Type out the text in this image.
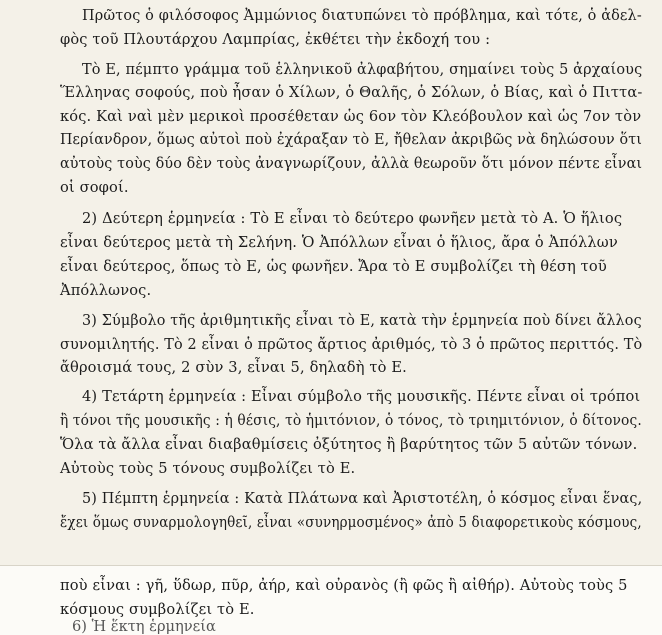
Πρῶτος ὁ φιλόσοφος Ἀμμώνιος διατυπώνει τὸ πρόβλημα, καὶ τότε, ὁ ἀδελ-
φὸς τοῦ Πλουτάρχου Λαμπρίας, ἐκθέτει τὴν ἐκδοχή του :
Τὸ Ε, πέμπτο γράμμα τοῦ ἑλληνικοῦ ἀλφαβήτου, σημαίνει τοὺς 5 ἀρχαίους
Ἕλληνας σοφούς, ποὺ ἦσαν ὁ Χίλων, ὁ Θαλῆς, ὁ Σόλων, ὁ Βίας, καὶ ὁ Πιττα-
κός. Καὶ ναὶ μὲν μερικοὶ προσέθεταν ὡς 6ον τὸν Κλεόβουλον καὶ ὡς 7ον τὸν
Περίανδρον, ὅμως αὐτοὶ ποὺ ἐχάραξαν τὸ Ε, ἤθελαν ἀκριβῶς νὰ δηλώσουν ὅτι
αὐτοὺς τοὺς δύο δὲν τοὺς ἀναγνωρίζουν, ἀλλὰ θεωροῦν ὅτι μόνον πέντε εἶναι
οἱ σοφοί.
2) Δεύτερη ἑρμηνεία : Τὸ Ε εἶναι τὸ δεύτερο φωνῆεν μετὰ τὸ Α. Ὁ ἥλιος
εἶναι δεύτερος μετὰ τὴ Σελήνη. Ὁ Ἀπόλλων εἶναι ὁ ἥλιος, ἄρα ὁ Ἀπόλλων
εἶναι δεύτερος, ὅπως τὸ Ε, ὡς φωνῆεν. Ἄρα τὸ Ε συμβολίζει τὴ θέση τοῦ
Ἀπόλλωνος.
3) Σύμβολο τῆς ἀριθμητικῆς εἶναι τὸ Ε, κατὰ τὴν ἑρμηνεία ποὺ δίνει ἄλλος
συνομιλητής. Τὸ 2 εἶναι ὁ πρῶτος ἄρτιος ἀριθμός, τὸ 3 ὁ πρῶτος περιττός. Τὸ
ἄθροισμά τους, 2 σὺν 3, εἶναι 5, δηλαδὴ τὸ Ε.
4) Τετάρτη ἑρμηνεία : Εἶναι σύμβολο τῆς μουσικῆς. Πέντε εἶναι οἱ τρόποι
ἢ τόνοι τῆς μουσικῆς : ἡ θέσις, τὸ ἡμιτόνιον, ὁ τόνος, τὸ τριημιτόνιον, ὁ δίτονος.
Ὅλα τὰ ἄλλα εἶναι διαβαθμίσεις ὀξύτητος ἢ βαρύτητος τῶν 5 αὐτῶν τόνων.
Αὐτοὺς τοὺς 5 τόνους συμβολίζει τὸ Ε.
5) Πέμπτη ἑρμηνεία : Κατὰ Πλάτωνα καὶ Ἀριστοτέλη, ὁ κόσμος εἶναι ἕνας,
ἔχει ὅμως συναρμολογηθεῖ, εἶναι «συνηρμοσμένος» ἀπὸ 5 διαφορετικοὺς κόσμους,
ποὺ εἶναι : γῆ, ὕδωρ, πῦρ, ἀήρ, καὶ οὐρανὸς (ἢ φῶς ἢ αἰθήρ). Αὐτοὺς τοὺς 5
κόσμους συμβολίζει τὸ Ε.
6) Ἡ ἕκτη ἑρμηνεία
